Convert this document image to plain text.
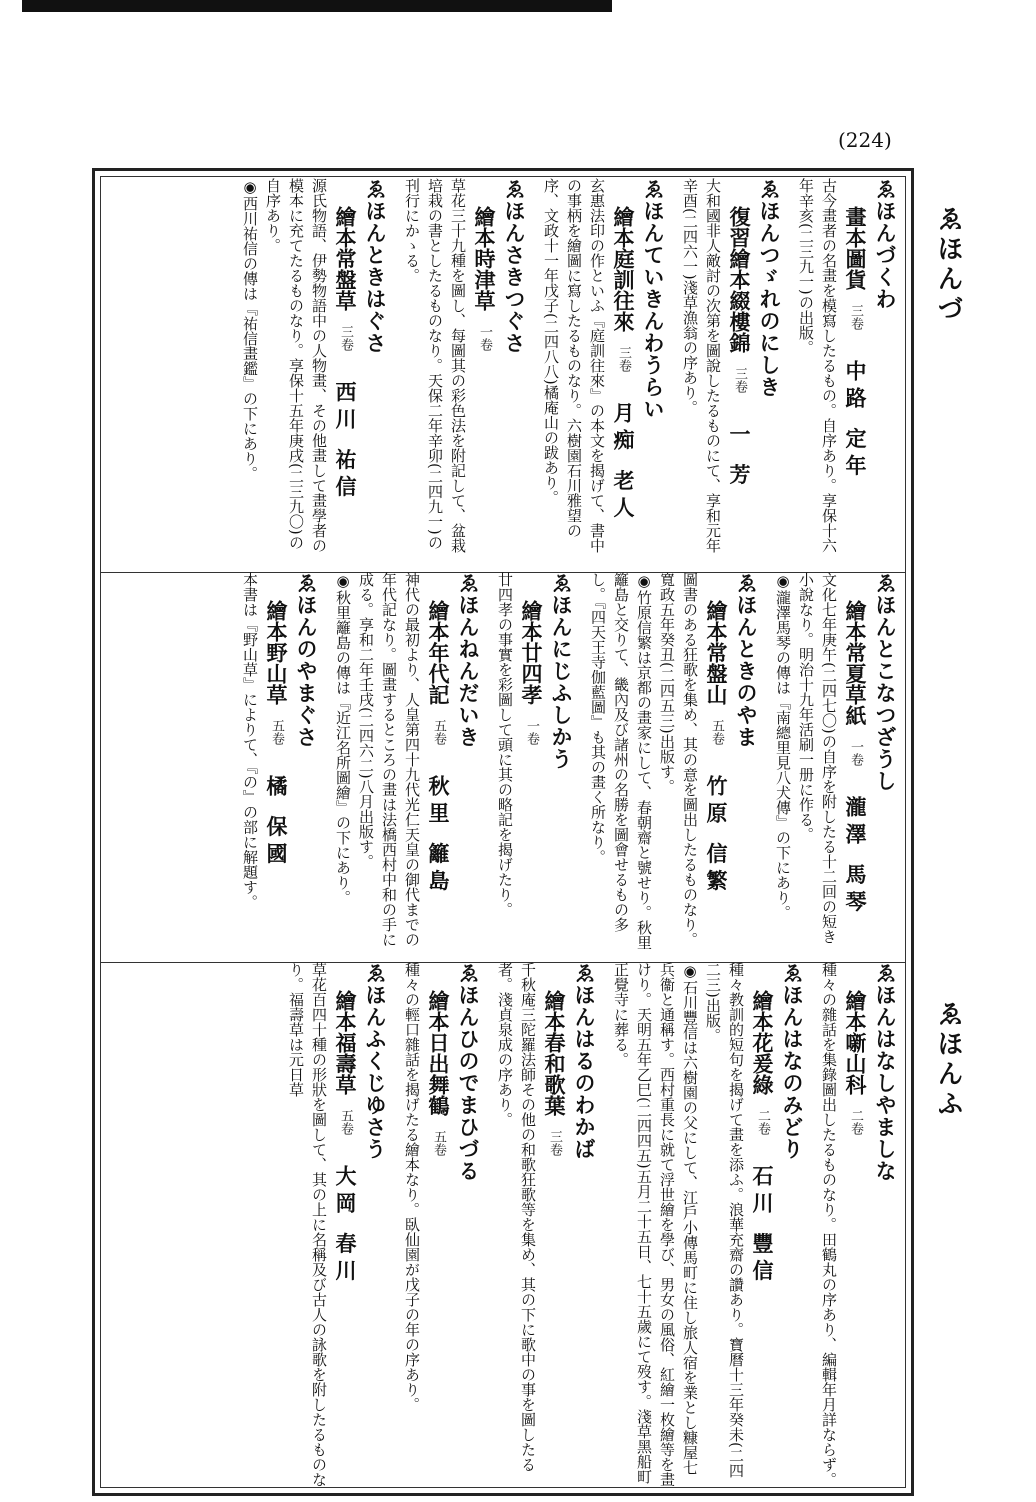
(224)
ゑほんづ
ゑほんふ
ゑほんづくわ
畫本圖貨三卷中路 定年
古今畫者の名畫を模寫したるもの。自序あり。享保十六年辛亥(二三九一)の出版。
ゑほんつゞれのにしき
復習繪本綴樓錦三卷一 芳
大和國非人敵討の次第を圖說したるものにて、享和元年辛酉(二四六一)淺草漁翁の序あり。
ゑほんていきんわうらい
繪本庭訓往來三卷月痴 老人
玄惠法印の作といふ『庭訓往來』の本文を揭げて、書中の事柄を繪圖に寫したるものなり。六樹園石川雅望の序、文政十一年戊子(二四八八)橘庵山の跋あり。
ゑほんさきつぐさ
繪本時津草一卷
草花三十九種を圖し、每圖其の彩色法を附記して、盆栽培栽の書としたるものなり。天保二年辛卯(二四九一)の刊行にかゝる。
ゑほんときはぐさ
繪本常盤草三卷西川 祐信
源氏物語、伊勢物語中の人物畫、その他畫して畫學者の模本に充てたるものなり。享保十五年庚戌(二三九〇)の自序あり。
◉西川祐信の傳は『祐信畫鑑』の下にあり。
ゑほんとこなつざうし
繪本常夏草紙一卷瀧澤 馬琴
文化七年庚午(二四七〇)の自序を附したる十二回の短き小說なり。明治十九年活刷一册に作る。
◉瀧澤馬琴の傳は『南總里見八犬傳』の下にあり。
ゑほんときのやま
繪本常盤山五卷竹原 信繁
圖書のある狂歌を集め、其の意を圖出したるものなり。寬政五年癸丑(二四五三)出版す。
◉竹原信繁は京都の畫家にして、春朝齋と號せり。秋里籬島と交りて、畿內及び諸州の名勝を圖會せるもの多し。『四天王寺伽藍圖』も其の畫く所なり。
ゑほんにじふしかう
繪本廿四孝一卷
廿四孝の事實を彩圖して頭に其の略記を揭げたり。
ゑほんねんだいき
繪本年代記五卷秋里 籬島
神代の最初より、人皇第四十九代光仁天皇の御代までの年代記なり。圖畫するところの畫は法橋西村中和の手に成る。享和二年壬戌(二四六二)八月出版す。
◉秋里籬島の傳は『近江名所圖繪』の下にあり。
ゑほんのやまぐさ
繪本野山草五卷橘 保國
本書は『野山草』によりて、『の』の部に解題す。
ゑほんはなしやましな
繪本噺山科二卷
種々の雜話を集錄圖出したるものなり。田鶴丸の序あり、編輯年月詳ならず。
ゑほんはなのみどり
繪本花爰綠二卷石川 豐信
種々教訓的短句を揭げて畫を添ふ。浪華充齋の讚あり。寶曆十三年癸未(二四二三)出版。
◉石川豐信は六樹園の父にして、江戶小傳馬町に住し旅人宿を業とし糠屋七兵衞と通稱す。西村重長に就て浮世繪を學び、男女の風俗、紅繪一枚繪等を畫けり。天明五年乙巳(二四四五)五月二十五日、七十五歲にて歿す。淺草黑船町正覺寺に葬る。
ゑほんはるのわかば
繪本春和歌葉三卷
千秋庵三陀羅法師その他の和歌狂歌等を集め、其の下に歌中の事を圖したる者。淺貞泉成の序あり。
ゑほんひのでまひづる
繪本日出舞鶴五卷
種々の輕口雜話を揭げたる繪本なり。臥仙園が戊子の年の序あり。
ゑほんふくじゆさう
繪本福壽草五卷大岡 春川
草花百四十種の形狀を圖して、其の上に名稱及び古人の詠歌を附したるものなり。福壽草は元日草
